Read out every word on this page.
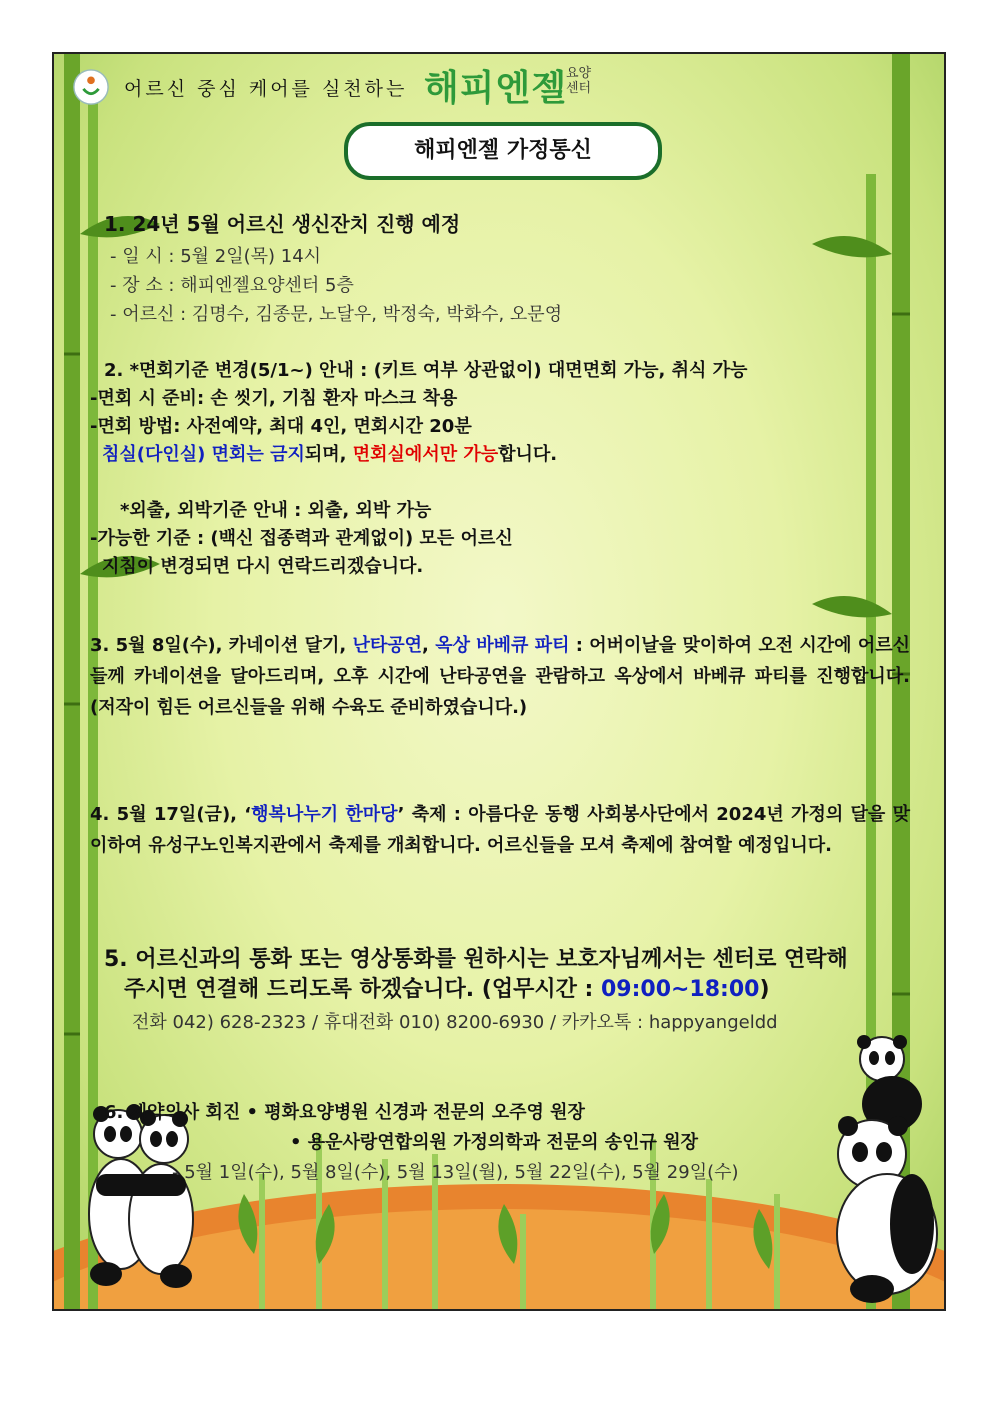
어르신 중심 케어를 실천하는 해피엔젤
요양
센터
해피엔젤 가정통신
1. 24년 5월 어르신 생신잔치 진행 예정
- 일 시 : 5월 2일(목) 14시
- 장 소 : 해피엔젤요양센터 5층
- 어르신 : 김명수, 김종문, 노달우, 박정숙, 박화수, 오문영
2. *면회기준 변경(5/1~) 안내 : (키트 여부 상관없이) 대면면회 가능, 취식 가능
-면회 시 준비: 손 씻기, 기침 환자 마스크 착용
-면회 방법: 사전예약, 최대 4인, 면회시간 20분
침실(다인실) 면회는 금지되며, 면회실에서만 가능합니다.
*외출, 외박기준 안내 : 외출, 외박 가능
-가능한 기준 : (백신 접종력과 관계없이) 모든 어르신
지침이 변경되면 다시 연락드리겠습니다.
3. 5월 8일(수), 카네이션 달기, 난타공연, 옥상 바베큐 파티 : 어버이날을 맞이하여 오전 시간에 어르신들께 카네이션을 달아드리며, 오후 시간에 난타공연을 관람하고 옥상에서 바베큐 파티를 진행합니다. (저작이 힘든 어르신들을 위해 수육도 준비하였습니다.)
4. 5월 17일(금), ‘행복나누기 한마당’ 축제 : 아름다운 동행 사회봉사단에서 2024년 가정의 달을 맞이하여 유성구노인복지관에서 축제를 개최합니다. 어르신들을 모셔 축제에 참여할 예정입니다.
5. 어르신과의 통화 또는 영상통화를 원하시는 보호자님께서는 센터로 연락해
주시면 연결해 드리도록 하겠습니다. (업무시간 : 09:00~18:00)
전화 042) 628-2323 / 휴대전화 010) 8200-6930 / 카카오톡 : happyangeldd
6. 계약의사 회진 • 평화요양병원 신경과 전문의 오주영 원장
• 용운사랑연합의원 가정의학과 전문의 송인규 원장
- 5월 1일(수), 5월 8일(수), 5월 13일(월), 5월 22일(수), 5월 29일(수)
